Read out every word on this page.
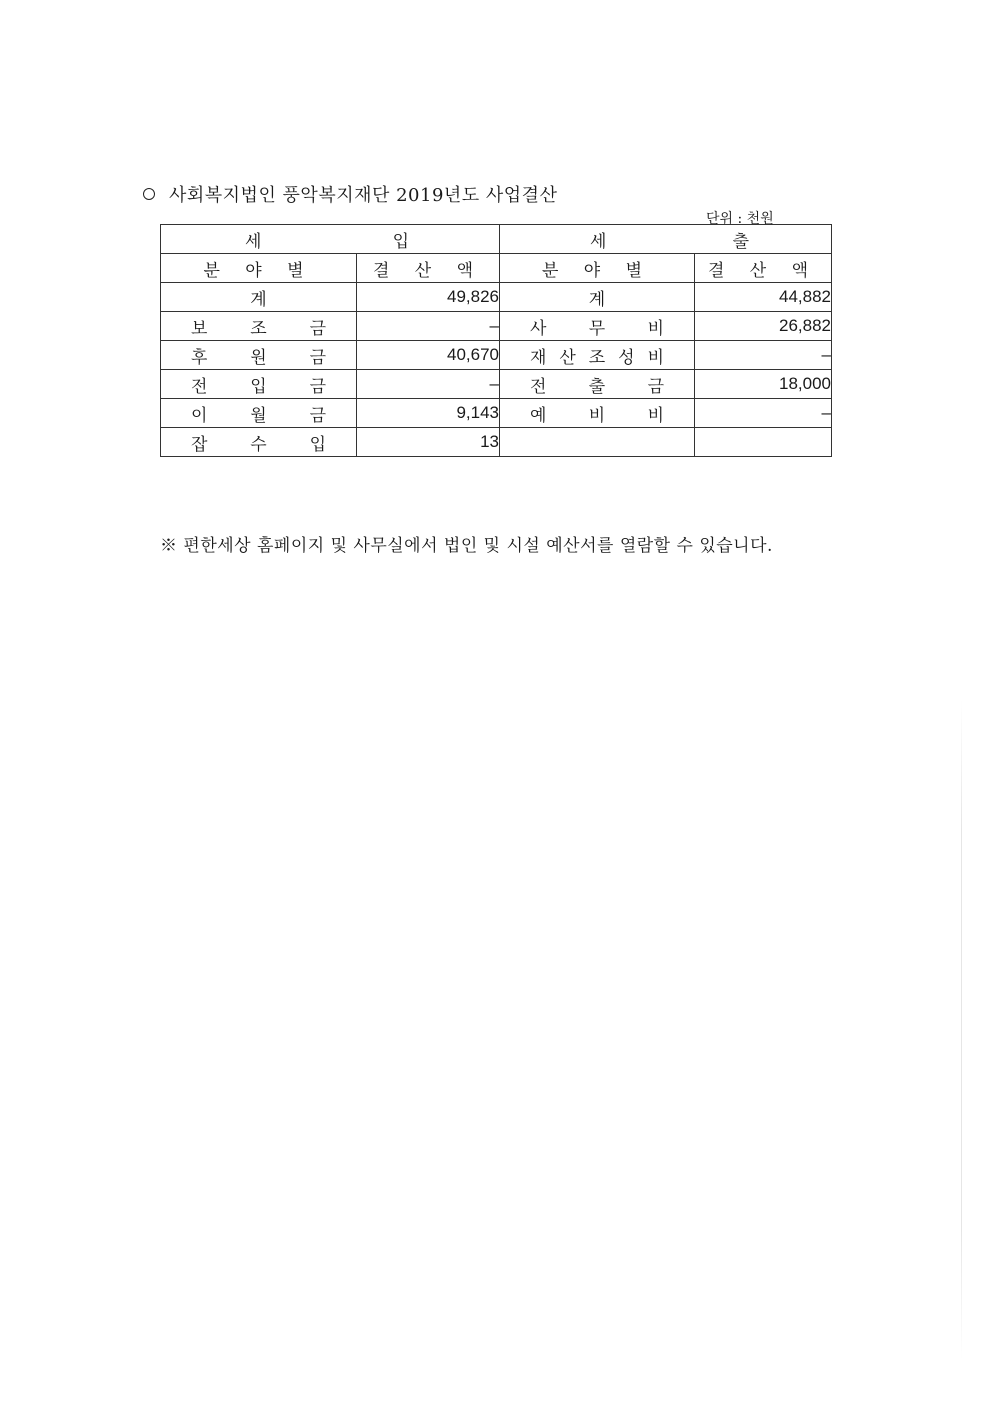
사회복지법인 풍악복지재단 2019년도 사업결산
단위 : 천원
세 입		세 출	

분 야 별	결 산 액	분 야 별	결 산 액
계	49,826	계	44,882

보 조 금	–	사 무 비	26,882

후 원 금	40,670	재 산 조 성 비	–

전 입 금	–	전 출 금	18,000

이 월 금	9,143	예 비 비	–

잡 수 입	13	

※ 편한세상 홈페이지 및 사무실에서 법인 및 시설 예산서를 열람할 수 있습니다.
